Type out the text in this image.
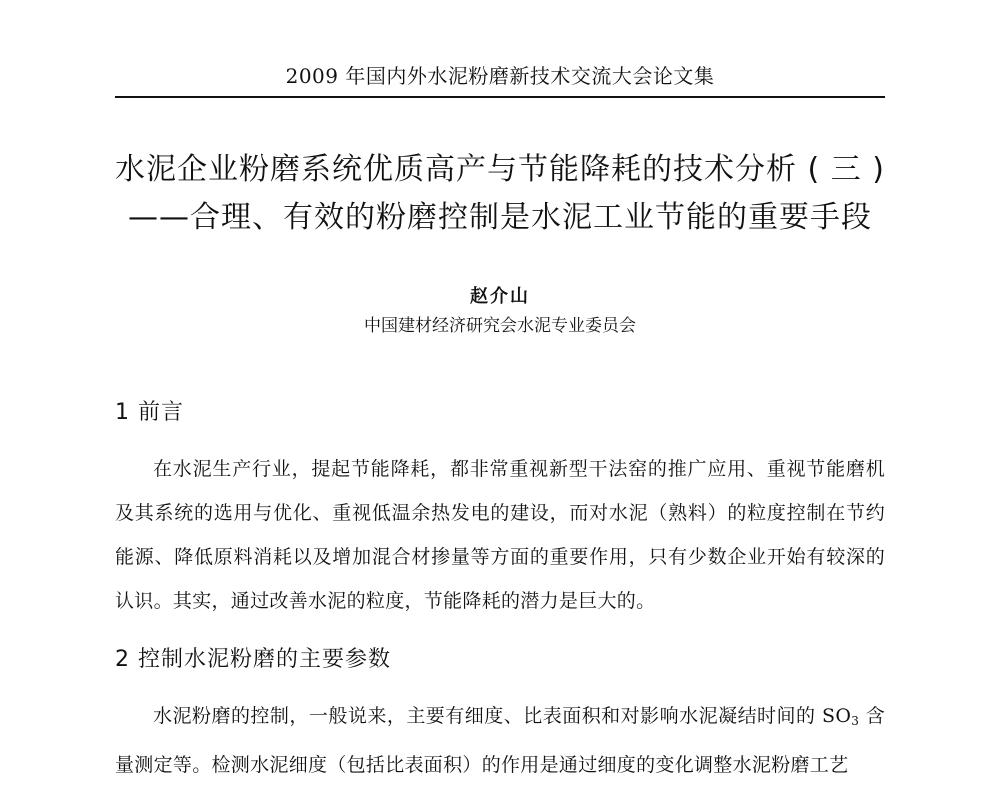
2009 年国内外水泥粉磨新技术交流大会论文集
水泥企业粉磨系统优质高产与节能降耗的技术分析 ( 三 )
——合理、有效的粉磨控制是水泥工业节能的重要手段
赵介山
中国建材经济研究会水泥专业委员会
1 前言

在水泥生产行业，提起节能降耗，都非常重视新型干法窑的推广应用、重视节能磨机及其系统的选用与优化、重视低温余热发电的建设，而对水泥（熟料）的粒度控制在节约能源、降低原料消耗以及增加混合材掺量等方面的重要作用，只有少数企业开始有较深的认识。其实，通过改善水泥的粒度，节能降耗的潜力是巨大的。

2 控制水泥粉磨的主要参数

水泥粉磨的控制，一般说来，主要有细度、比表面积和对影响水泥凝结时间的 $SO_3$ 含量测定等。检测水泥细度（包括比表面积）的作用是通过细度的变化调整水泥粉磨工艺
